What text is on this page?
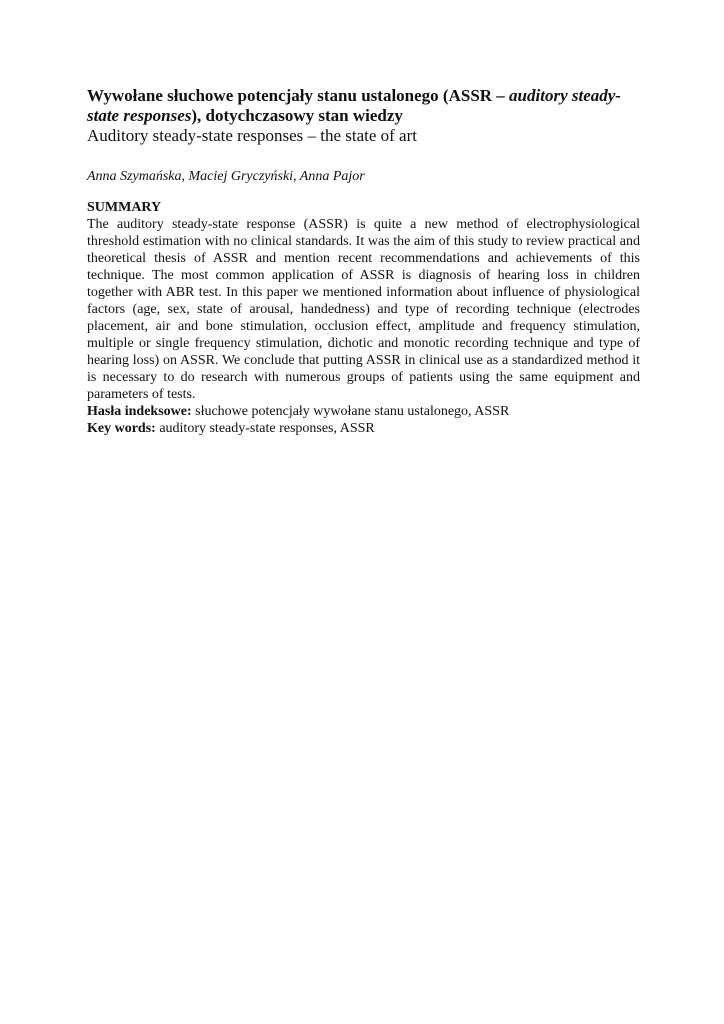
Wywołane słuchowe potencjały stanu ustalonego (ASSR – auditory steady-state responses), dotychczasowy stan wiedzy
Auditory steady-state responses – the state of art

Anna Szymańska, Maciej Gryczyński, Anna Pajor

SUMMARY

The auditory steady-state response (ASSR) is quite a new method of electrophysiological threshold estimation with no clinical standards. It was the aim of this study to review practical and theoretical thesis of ASSR and mention recent recommendations and achievements of this technique. The most common application of ASSR is diagnosis of hearing loss in children together with ABR test. In this paper we mentioned information about influence of physiological factors (age, sex, state of arousal, handedness) and type of recording technique (electrodes placement, air and bone stimulation, occlusion effect, amplitude and frequency stimulation, multiple or single frequency stimulation, dichotic and monotic recording technique and type of hearing loss) on ASSR. We conclude that putting ASSR in clinical use as a standardized method it is necessary to do research with numerous groups of patients using the same equipment and parameters of tests.

Hasła indeksowe: słuchowe potencjały wywołane stanu ustalonego, ASSR

Key words: auditory steady-state responses, ASSR
